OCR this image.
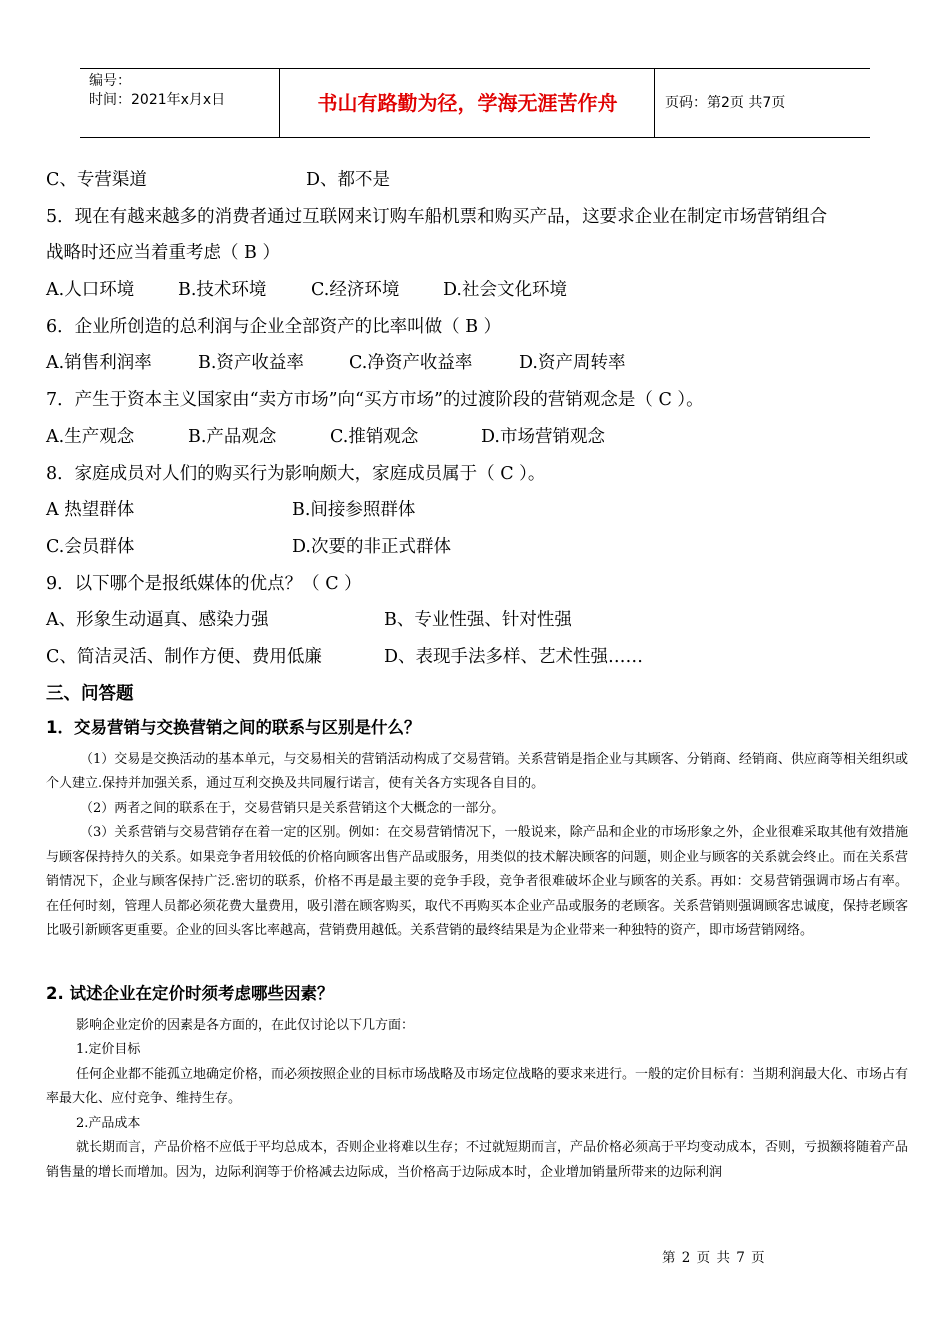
编号：
时间：2021年x月x日	书山有路勤为径，学海无涯苦作舟	页码：第2页 共7页
C、专营渠道	D、都不是
5．现在有越来越多的消费者通过互联网来订购车船机票和购买产品，这要求企业在制定市场营销组合
战略时还应当着重考虑（ B ）
A.人口环境	B.技术环境	C.经济环境 D.社会文化环境
6．企业所创造的总利润与企业全部资产的比率叫做（ B ）
A.销售利润率	B.资产收益率	C.净资产收益率	D.资产周转率
7．产生于资本主义国家由“卖方市场”向“买方市场”的过渡阶段的营销观念是（ C ）。
A.生产观念	B.产品观念	C.推销观念	D.市场营销观念
8．家庭成员对人们的购买行为影响颇大，家庭成员属于（ C ）。
A 热望群体	B.间接参照群体
C.会员群体	D.次要的非正式群体
9．以下哪个是报纸媒体的优点？（ C ）
A、形象生动逼真、感染力强	B、专业性强、针对性强
C、简洁灵活、制作方便、费用低廉	D、表现手法多样、艺术性强……
三、问答题
1．交易营销与交换营销之间的联系与区别是什么？

（1）交易是交换活动的基本单元，与交易相关的营销活动构成了交易营销。关系营销是指企业与其顾客、分销商、经销商、供应商等相关组织或个人建立.保持并加强关系，通过互利交换及共同履行诺言，使有关各方实现各自目的。

（2）两者之间的联系在于，交易营销只是关系营销这个大概念的一部分。

（3）关系营销与交易营销存在着一定的区别。例如：在交易营销情况下，一般说来，除产品和企业的市场形象之外，企业很难采取其他有效措施与顾客保持持久的关系。如果竞争者用较低的价格向顾客出售产品或服务，用类似的技术解决顾客的问题，则企业与顾客的关系就会终止。而在关系营销情况下，企业与顾客保持广泛.密切的联系，价格不再是最主要的竞争手段，竞争者很难破坏企业与顾客的关系。再如：交易营销强调市场占有率。在任何时刻，管理人员都必须花费大量费用，吸引潜在顾客购买，取代不再购买本企业产品或服务的老顾客。关系营销则强调顾客忠诚度，保持老顾客比吸引新顾客更重要。企业的回头客比率越高，营销费用越低。关系营销的最终结果是为企业带来一种独特的资产，即市场营销网络。

2. 试述企业在定价时须考虑哪些因素？

影响企业定价的因素是各方面的，在此仅讨论以下几方面：

1.定价目标

任何企业都不能孤立地确定价格，而必须按照企业的目标市场战略及市场定位战略的要求来进行。一般的定价目标有：当期利润最大化、市场占有率最大化、应付竞争、维持生存。

2.产品成本

就长期而言，产品价格不应低于平均总成本，否则企业将难以生存；不过就短期而言，产品价格必须高于平均变动成本，否则，亏损额将随着产品销售量的增长而增加。因为，边际利润等于价格减去边际成，当价格高于边际成本时，企业增加销量所带来的边际利润

第 2 页 共 7 页
